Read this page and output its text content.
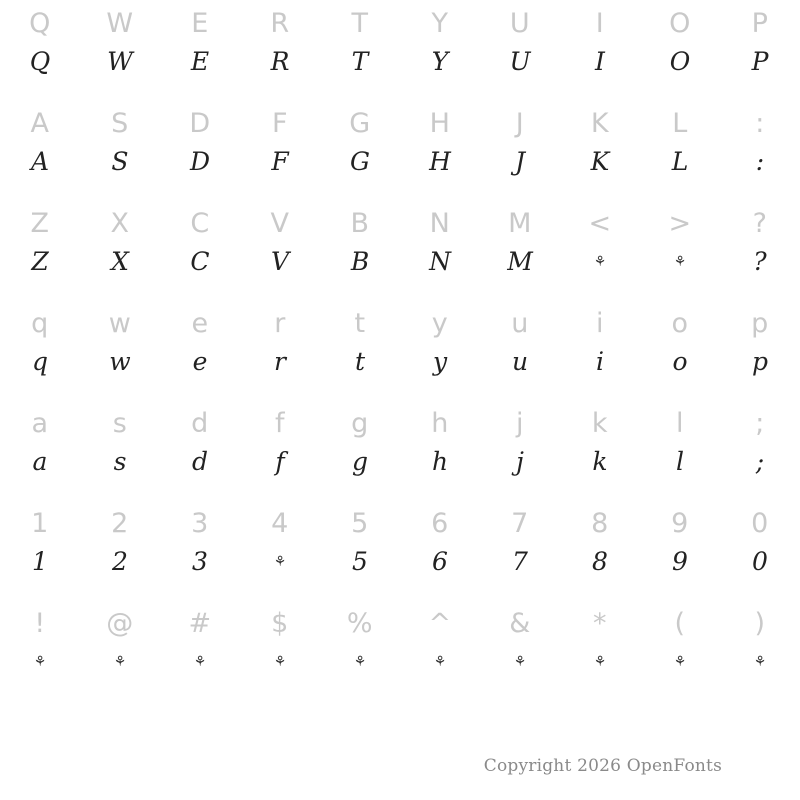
Q
Q
W
W
E
E
R
R
T
T
Y
Y
U
U
I
I
O
O
P
P
A
A
S
S
D
D
F
F
G
G
H
H
J
J
K
K
L
L
:
:
Z
Z
X
X
C
C
V
V
B
B
N
N
M
M
<
⚘
>
⚘
?
?
q
q
w
w
e
e
r
r
t
t
y
y
u
u
i
i
o
o
p
p
a
a
s
s
d
d
f
f
g
g
h
h
j
j
k
k
l
l
;
;
1
1
2
2
3
3
4
⚘
5
5
6
6
7
7
8
8
9
9
0
0
!
⚘
@
⚘
#
⚘
$
⚘
%
⚘
^
⚘
&
⚘
*
⚘
(
⚘
)
⚘
Copyright 2026 OpenFonts
